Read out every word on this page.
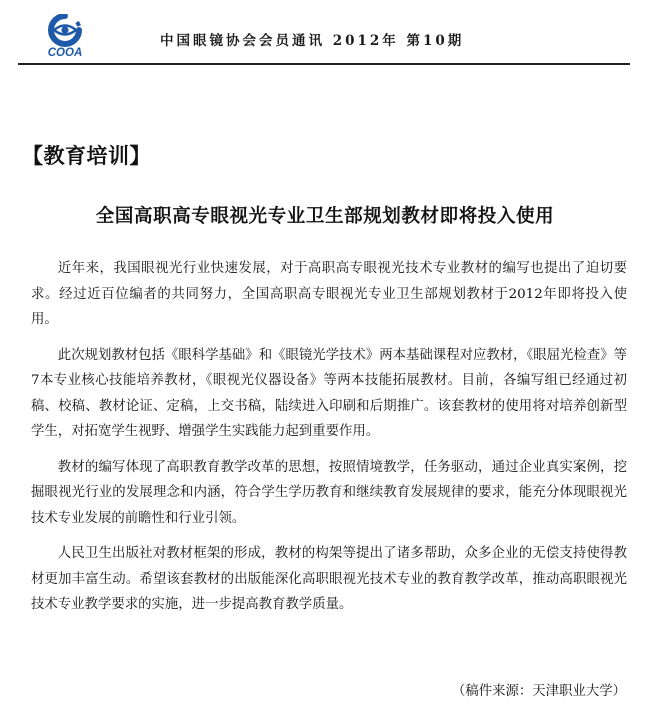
COOA
中国眼镜协会会员通讯 2012年 第10期
【教育培训】
全国高职高专眼视光专业卫生部规划教材即将投入使用

近年来，我国眼视光行业快速发展，对于高职高专眼视光技术专业教材的编写也提出了迫切要求。经过近百位编者的共同努力，全国高职高专眼视光专业卫生部规划教材于2012年即将投入使用。

此次规划教材包括《眼科学基础》和《眼镜光学技术》两本基础课程对应教材，《眼屈光检查》等7本专业核心技能培养教材，《眼视光仪器设备》等两本技能拓展教材。目前，各编写组已经通过初稿、校稿、教材论证、定稿，上交书稿，陆续进入印刷和后期推广。该套教材的使用将对培养创新型学生，对拓宽学生视野、增强学生实践能力起到重要作用。

教材的编写体现了高职教育教学改革的思想，按照情境教学，任务驱动，通过企业真实案例，挖掘眼视光行业的发展理念和内涵，符合学生学历教育和继续教育发展规律的要求，能充分体现眼视光技术专业发展的前瞻性和行业引领。

人民卫生出版社对教材框架的形成，教材的构架等提出了诸多帮助，众多企业的无偿支持使得教材更加丰富生动。希望该套教材的出版能深化高职眼视光技术专业的教育教学改革，推动高职眼视光技术专业教学要求的实施，进一步提高教育教学质量。

（稿件来源：天津职业大学）
